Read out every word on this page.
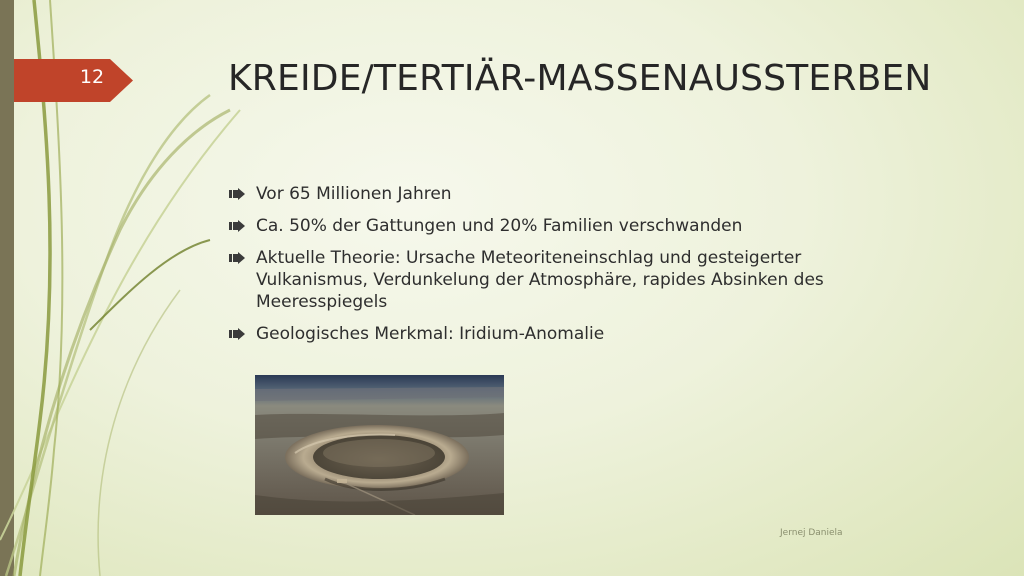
12	KREIDE/TERTIÄR-MASSENAUSSTERBEN
Vor 65 Millionen Jahren
Ca. 50% der Gattungen und 20% Familien verschwanden
Aktuelle Theorie: Ursache Meteoriteneinschlag und gesteigerter Vulkanismus, Verdunkelung der Atmosphäre, rapides Absinken des Meeresspiegels
Geologisches Merkmal: Iridium-Anomalie
Jernej Daniela
